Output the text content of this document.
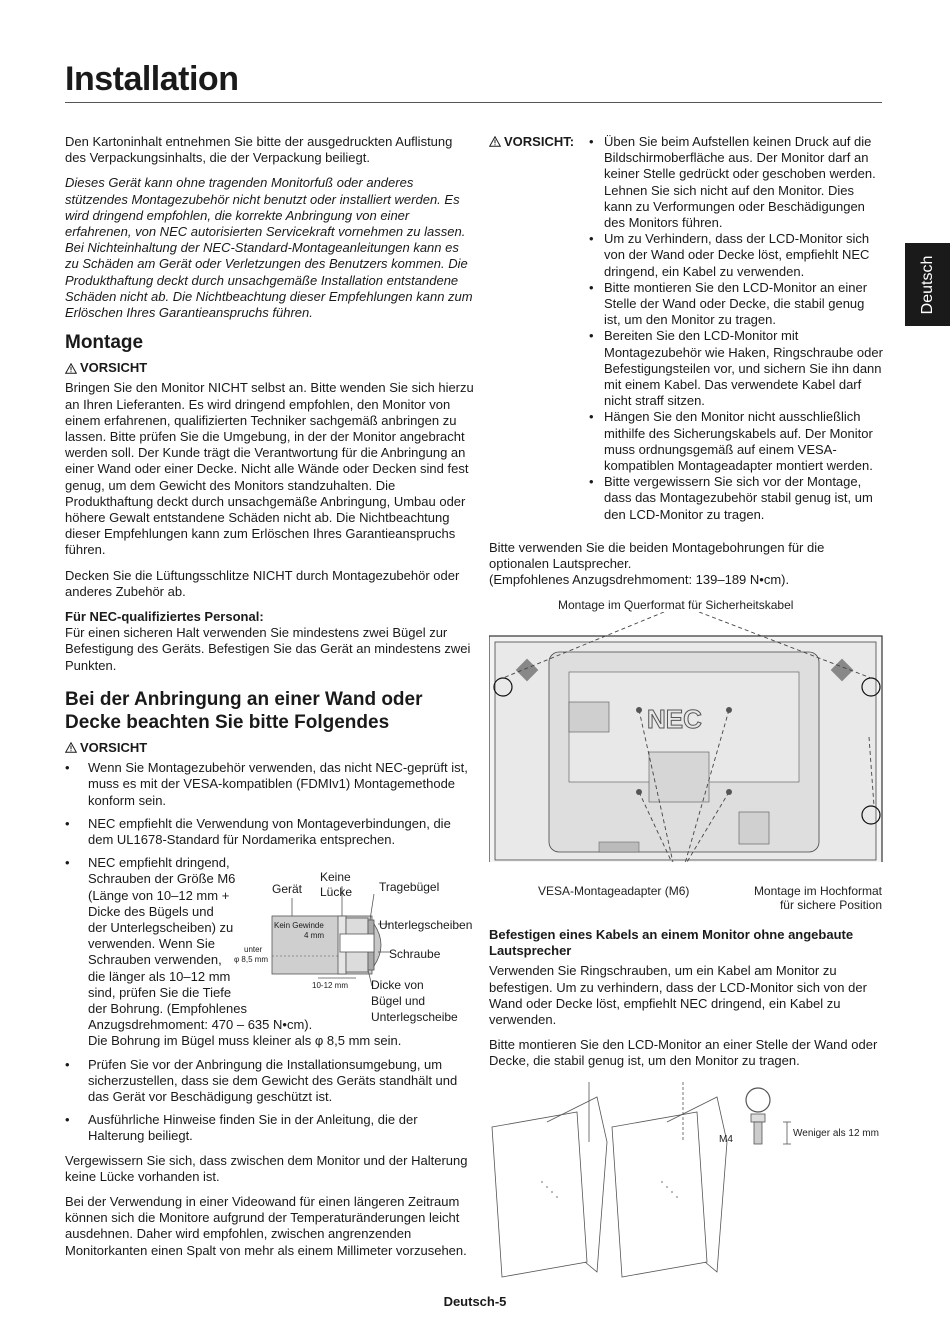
Installation
Deutsch

Den Kartoninhalt entnehmen Sie bitte der ausgedruckten Auflistung des Verpackungsinhalts, die der Verpackung beiliegt.

Dieses Gerät kann ohne tragenden Monitorfuß oder anderes stützendes Montagezubehör nicht benutzt oder installiert werden. Es wird dringend empfohlen, die korrekte Anbringung von einer erfahrenen, von NEC autorisierten Servicekraft vornehmen zu lassen. Bei Nichteinhaltung der NEC-Standard-Montageanleitungen kann es zu Schäden am Gerät oder Verletzungen des Benutzers kommen. Die Produkthaftung deckt durch unsachgemäße Installation entstandene Schäden nicht ab. Die Nichtbeachtung dieser Empfehlungen kann zum Erlöschen Ihres Garantieanspruchs führen.

Montage
VORSICHT

Bringen Sie den Monitor NICHT selbst an. Bitte wenden Sie sich hierzu an Ihren Lieferanten. Es wird dringend empfohlen, den Monitor von einem erfahrenen, qualifizierten Techniker sachgemäß anbringen zu lassen. Bitte prüfen Sie die Umgebung, in der der Monitor angebracht werden soll. Der Kunde trägt die Verantwortung für die Anbringung an einer Wand oder einer Decke. Nicht alle Wände oder Decken sind fest genug, um dem Gewicht des Monitors standzuhalten. Die Produkthaftung deckt durch unsachgemäße Anbringung, Umbau oder höhere Gewalt entstandene Schäden nicht ab. Die Nichtbeachtung dieser Empfehlungen kann zum Erlöschen Ihres Garantieanspruchs führen.

Decken Sie die Lüftungsschlitze NICHT durch Montagezubehör oder anderes Zubehör ab.

Für NEC-qualifiziertes Personal:

Für einen sicheren Halt verwenden Sie mindestens zwei Bügel zur Befestigung des Geräts. Befestigen Sie das Gerät an mindestens zwei Punkten.

Bei der Anbringung an einer Wand oder Decke beachten Sie bitte Folgendes
VORSICHT
• Wenn Sie Montagezubehör verwenden, das nicht NEC-geprüft ist, muss es mit der VESA-kompatiblen (FDMIv1) Montagemethode konform sein.
• NEC empfiehlt die Verwendung von Montageverbindungen, die dem UL1678-Standard für Nordamerika entsprechen.
• NEC empfiehlt dringend,
Schrauben der Größe M6
(Länge von 10–12 mm +
Dicke des Bügels und
der Unterlegscheiben) zu
verwenden. Wenn Sie
Schrauben verwenden,
die länger als 10–12 mm
sind, prüfen Sie die Tiefe
der Bohrung. (Empfohlenes
Anzugsdrehmoment: 470 – 635 N•cm).
Die Bohrung im Bügel muss kleiner als φ 8,5 mm sein.
• Prüfen Sie vor der Anbringung die Installationsumgebung, um sicherzustellen, dass sie dem Gewicht des Geräts standhält und das Gerät vor Beschädigung geschützt ist.
• Ausführliche Hinweise finden Sie in der Anleitung, die der Halterung beiliegt.

Vergewissern Sie sich, dass zwischen dem Monitor und der Halterung keine Lücke vorhanden ist.

Bei der Verwendung in einer Videowand für einen längeren Zeitraum können sich die Monitore aufgrund der Temperaturänderungen leicht ausdehnen. Daher wird empfohlen, zwischen angrenzenden Monitorkanten einen Spalt von mehr als einem Millimeter vorzusehen.

Gerät
Keine
Lücke Tragebügel
Kein Gewinde
4 mm
unter
φ 8,5 mm
10-12 mm
Unterlegscheiben
Schraube
Dicke von
Bügel und
Unterlegscheibe
VORSICHT:
•	Üben Sie beim Aufstellen keinen Druck auf die Bildschirmoberfläche aus. Der Monitor darf an keiner Stelle gedrückt oder geschoben werden. Lehnen Sie sich nicht auf den Monitor. Dies kann zu Verformungen oder Beschädigungen des Monitors führen.
• Um zu Verhindern, dass der LCD-Monitor sich von der Wand oder Decke löst, empfiehlt NEC dringend, ein Kabel zu verwenden.
• Bitte montieren Sie den LCD-Monitor an einer Stelle der Wand oder Decke, die stabil genug ist, um den Monitor zu tragen.
• Bereiten Sie den LCD-Monitor mit Montagezubehör wie Haken, Ringschraube oder Befestigungsteilen vor, und sichern Sie ihn dann mit einem Kabel. Das verwendete Kabel darf nicht straff sitzen.
• Hängen Sie den Monitor nicht ausschließlich mithilfe des Sicherungskabels auf. Der Monitor muss ordnungsgemäß auf einem VESA-kompatiblen Montageadapter montiert werden.
• Bitte vergewissern Sie sich vor der Montage, dass das Montagezubehör stabil genug ist, um den LCD-Monitor zu tragen.
Bitte verwenden Sie die beiden Montagebohrungen für die optionalen Lautsprecher.
(Empfohlenes Anzugsdrehmoment: 139–189 N•cm).
Montage im Querformat für Sicherheitskabel
NEC
VESA-Montageadapter (M6)	Montage im Hochformat
für sichere Position
Befestigen eines Kabels an einem Monitor ohne angebaute Lautsprecher

Verwenden Sie Ringschrauben, um ein Kabel am Monitor zu befestigen. Um zu verhindern, dass der LCD-Monitor sich von der Wand oder Decke löst, empfiehlt NEC dringend, ein Kabel zu verwenden.

Bitte montieren Sie den LCD-Monitor an einer Stelle der Wand oder Decke, die stabil genug ist, um den Monitor zu tragen.

M4
Weniger als 12 mm
Deutsch-5
